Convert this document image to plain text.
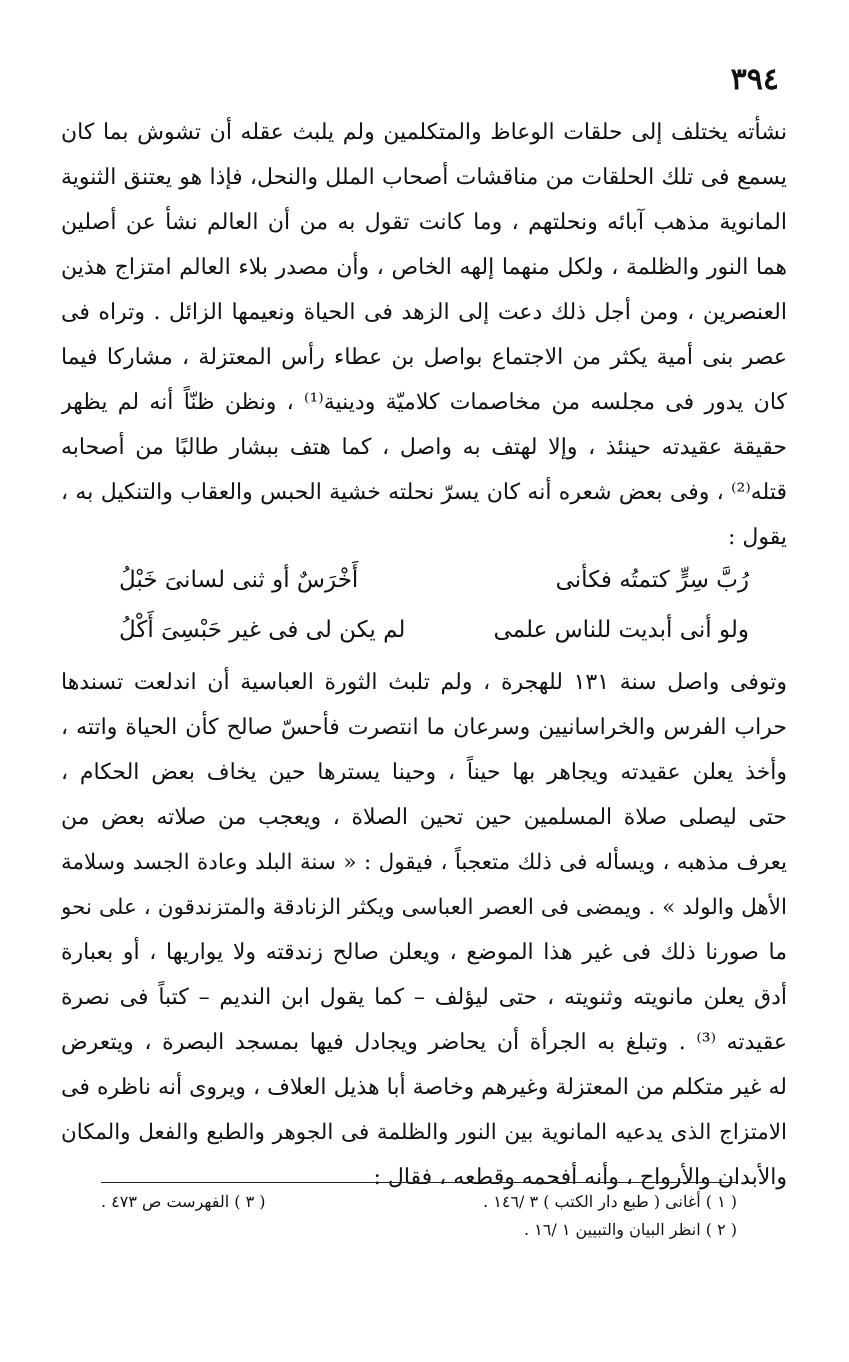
٣٩٤
نشأته يختلف إلى حلقات الوعاظ والمتكلمين ولم يلبث عقله أن تشوش بما كان
يسمع فى تلك الحلقات من مناقشات أصحاب الملل والنحل، فإذا هو يعتنق الثنوية
المانوية مذهب آبائه ونحلتهم ، وما كانت تقول به من أن العالم نشأ عن أصلين
هما النور والظلمة ، ولكل منهما إلهه الخاص ، وأن مصدر بلاء العالم امتزاج هذين
العنصرين ، ومن أجل ذلك دعت إلى الزهد فى الحياة ونعيمها الزائل . وتراه فى
عصر بنى أمية يكثر من الاجتماع بواصل بن عطاء رأس المعتزلة ، مشاركا فيما
كان يدور فى مجلسه من مخاصمات كلاميّة ودينية⁽¹⁾ ، ونظن ظنّاً أنه لم يظهر
حقيقة عقيدته حينئذ ، وإلا لهتف به واصل ، كما هتف ببشار طالبًا من أصحابه
قتله⁽²⁾ ، وفى بعض شعره أنه كان يسرّ نحلته خشية الحبس والعقاب والتنكيل به ،
يقول :
رُبَّ سِرٍّ كتمتُه فكأنى
أَخْرَسٌ أو ثنى لسانىَ خَبْلُ
ولو أنى أبديت للناس علمى
لم يكن لى فى غير حَبْسِىَ أَكْلُ
وتوفى واصل سنة ١٣١ للهجرة ، ولم تلبث الثورة العباسية أن اندلعت تسندها
حراب الفرس والخراسانيين وسرعان ما انتصرت فأحسّ صالح كأن الحياة واتته ،
وأخذ يعلن عقيدته ويجاهر بها حيناً ، وحينا يسترها حين يخاف بعض الحكام ،
حتى ليصلى صلاة المسلمين حين تحين الصلاة ، ويعجب من صلاته بعض من
يعرف مذهبه ، ويسأله فى ذلك متعجباً ، فيقول : « سنة البلد وعادة الجسد وسلامة
الأهل والولد » . ويمضى فى العصر العباسى ويكثر الزنادقة والمتزندقون ، على نحو
ما صورنا ذلك فى غير هذا الموضع ، ويعلن صالح زندقته ولا يواريها ، أو بعبارة
أدق يعلن مانويته وثنويته ، حتى ليؤلف – كما يقول ابن النديم – كتباً فى نصرة
عقيدته ⁽³⁾ . وتبلغ به الجرأة أن يحاضر ويجادل فيها بمسجد البصرة ، ويتعرض
له غير متكلم من المعتزلة وغيرهم وخاصة أبا هذيل العلاف ، ويروى أنه ناظره فى
الامتزاج الذى يدعيه المانوية بين النور والظلمة فى الجوهر والطبع والفعل والمكان
والأبدان والأرواح ، وأنه أفحمه وقطعه ، فقال :
( ١ ) أغانى ( طبع دار الكتب ) ٣ /١٤٦ .
( ٣ ) الفهرست ص ٤٧٣ .
( ٢ ) انظر البيان والتبيين ١ /١٦ .
